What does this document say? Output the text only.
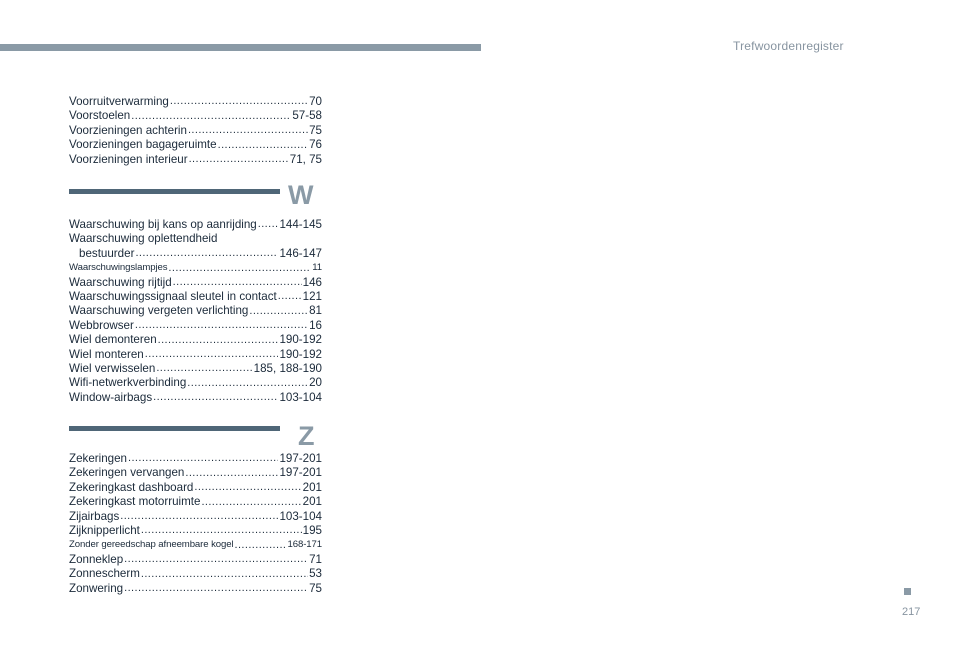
Trefwoordenregister
Voorruitverwarming .....	70
Voorstoelen .....	57-58
Voorzieningen achterin .....	75
Voorzieningen bagageruimte .....	76
Voorzieningen interieur .....	71, 75
W
Waarschuwing bij kans op aanrijding ..... 144-145
Waarschuwing oplettendheid
bestuurder .....	146-147
Waarschuwingslampjes .....	11
Waarschuwing rijtijd .....	146
Waarschuwingssignaal sleutel in contact ..... 121
Waarschuwing vergeten verlichting .....	81
Webbrowser .....	16
Wiel demonteren .....	190-192
Wiel monteren .....	190-192
Wiel verwisselen .....	185, 188-190
Wifi-netwerkverbinding .....	20
Window-airbags .....	103-104
Z
Zekeringen .....	197-201
Zekeringen vervangen .....	197-201
Zekeringkast dashboard .....	201
Zekeringkast motorruimte .....	201
Zijairbags .....	103-104
Zijknipperlicht .....	195
Zonder gereedschap afneembare kogel .....	168-171
Zonneklep .....	71
Zonnescherm .....	53
Zonwering .....	75
217
